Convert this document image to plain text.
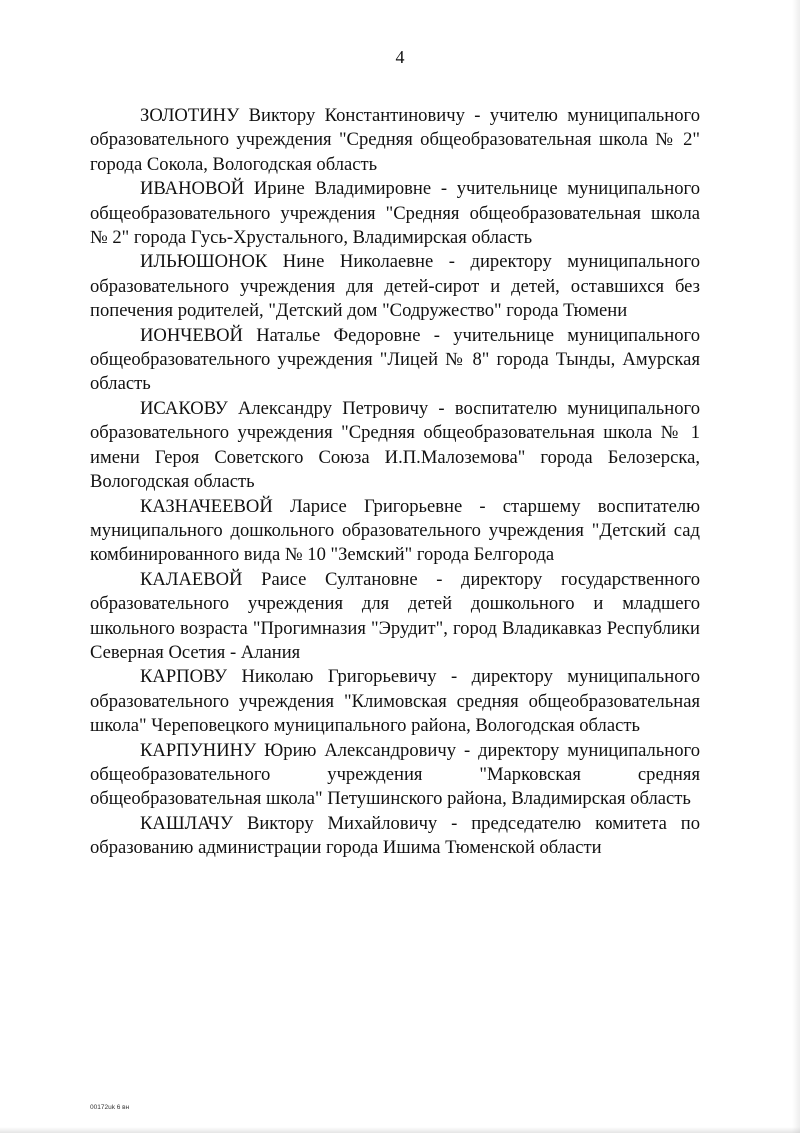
4

ЗОЛОТИНУ Виктору Константиновичу - учителю муниципального образовательного учреждения "Средняя общеобразовательная школа № 2" города Сокола, Вологодская область

ИВАНОВОЙ Ирине Владимировне - учительнице муниципального общеобразовательного учреждения "Средняя общеобразовательная школа № 2" города Гусь-Хрустального, Владимирская область

ИЛЬЮШОНОК Нине Николаевне - директору муниципального образовательного учреждения для детей-сирот и детей, оставшихся без попечения родителей, "Детский дом "Содружество" города Тюмени

ИОНЧЕВОЙ Наталье Федоровне - учительнице муниципального общеобразовательного учреждения "Лицей № 8" города Тынды, Амурская область

ИСАКОВУ Александру Петровичу - воспитателю муниципального образовательного учреждения "Средняя общеобразовательная школа № 1 имени Героя Советского Союза И.П.Малоземова" города Белозерска, Вологодская область

КАЗНАЧЕЕВОЙ Ларисе Григорьевне - старшему воспитателю муниципального дошкольного образовательного учреждения "Детский сад комбинированного вида № 10 "Земский" города Белгорода

КАЛАЕВОЙ Раисе Султановне - директору государственного образовательного учреждения для детей дошкольного и младшего школьного возраста "Прогимназия "Эрудит", город Владикавказ Республики Северная Осетия - Алания

КАРПОВУ Николаю Григорьевичу - директору муниципального образовательного учреждения "Климовская средняя общеобразовательная школа" Череповецкого муниципального района, Вологодская область

КАРПУНИНУ Юрию Александровичу - директору муниципального общеобразовательного учреждения "Марковская средняя общеобразовательная школа" Петушинского района, Владимирская область

КАШЛАЧУ Виктору Михайловичу - председателю комитета по образованию администрации города Ишима Тюменской области

00172uk 6 вн
